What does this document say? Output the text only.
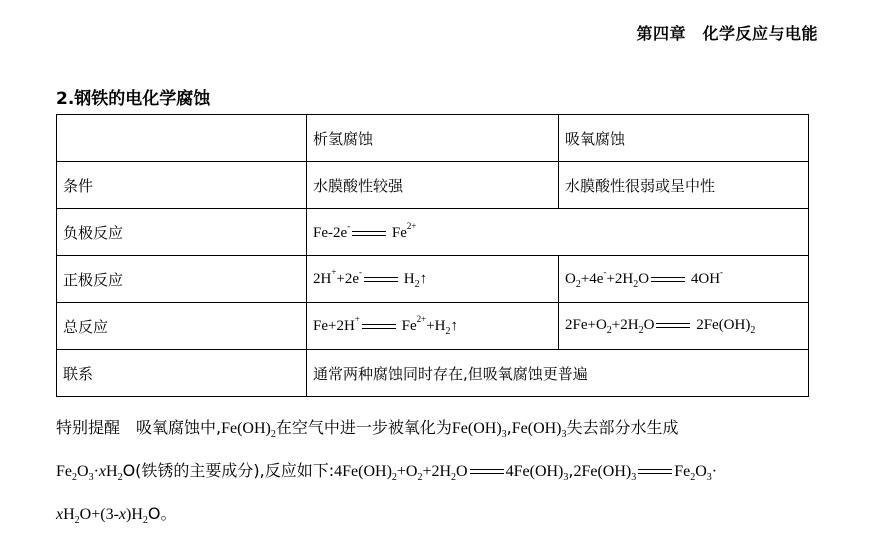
第四章　化学反应与电能
2.钢铁的电化学腐蚀
	析氢腐蚀	吸氧腐蚀
条件	水膜酸性较强	水膜酸性很弱或呈中性
负极反应	Fe-2e- $Fe^{2+}$
正极反应	2H++2e- $H_2↑$	$O_2+4e^-+2H_2O$ 4OH-
总反应	Fe+2H+ $Fe^{2+}+H_2↑$	$2Fe+O_2+2H_2O$ $2Fe(OH)_2$
联系	通常两种腐蚀同时存在,但吸氧腐蚀更普遍	
特别提醒　吸氧腐蚀中$,Fe(OH)_2$在空气中进一步被氧化为$Fe(OH)_3,Fe(OH)_3$失去部分水生成
$Fe_2O_3\cdot xH_2O$(铁锈的主要成分),反应如下$:4Fe(OH)_2+O_2+2H_2O$ $4Fe(OH)_3,2Fe(OH)_3$ $Fe_2O_3\cdot$
$xH_2O+(3-x)H_2O$。
